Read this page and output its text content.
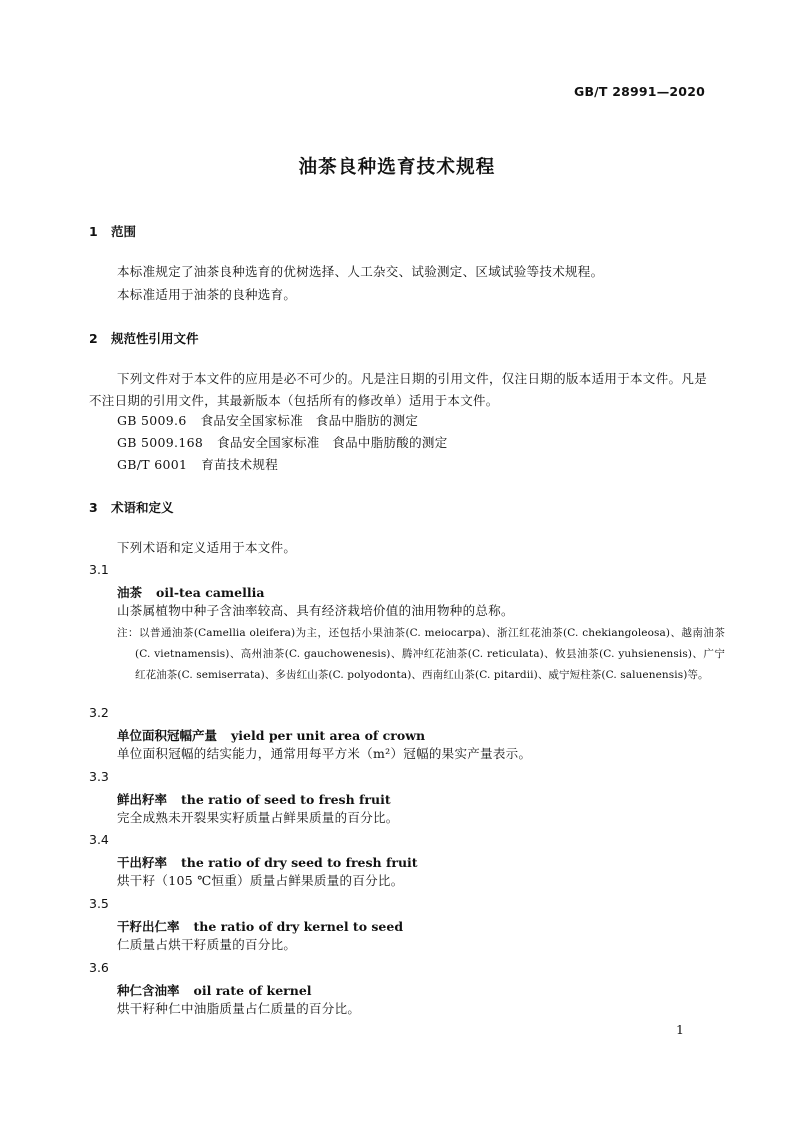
GB/T 28991—2020
油茶良种选育技术规程
1 范围
本标准规定了油茶良种选育的优树选择、人工杂交、试验测定、区域试验等技术规程。
本标准适用于油茶的良种选育。
2 规范性引用文件
下列文件对于本文件的应用是必不可少的。凡是注日期的引用文件，仅注日期的版本适用于本文件。凡是不注日期的引用文件，其最新版本（包括所有的修改单）适用于本文件。
GB 5009.6 食品安全国家标准　食品中脂肪的测定
GB 5009.168 食品安全国家标准　食品中脂肪酸的测定
GB/T 6001 育苗技术规程
3 术语和定义
下列术语和定义适用于本文件。
3.1
油茶 oil-tea camellia
山茶属植物中种子含油率较高、具有经济栽培价值的油用物种的总称。
注：以普通油茶(Camellia oleifera)为主，还包括小果油茶(C. meiocarpa)、浙江红花油茶(C. chekiangoleosa)、越南油茶(C. vietnamensis)、高州油茶(C. gauchowenesis)、腾冲红花油茶(C. reticulata)、攸县油茶(C. yuhsienensis)、广宁红花油茶(C. semiserrata)、多齿红山茶(C. polyodonta)、西南红山茶(C. pitardii)、威宁短柱茶(C. saluenensis)等。
3.2
单位面积冠幅产量 yield per unit area of crown
单位面积冠幅的结实能力，通常用每平方米（m²）冠幅的果实产量表示。
3.3
鲜出籽率 the ratio of seed to fresh fruit
完全成熟未开裂果实籽质量占鲜果质量的百分比。
3.4
干出籽率 the ratio of dry seed to fresh fruit
烘干籽（105 ℃恒重）质量占鲜果质量的百分比。
3.5
干籽出仁率 the ratio of dry kernel to seed
仁质量占烘干籽质量的百分比。
3.6
种仁含油率 oil rate of kernel
烘干籽种仁中油脂质量占仁质量的百分比。
1
